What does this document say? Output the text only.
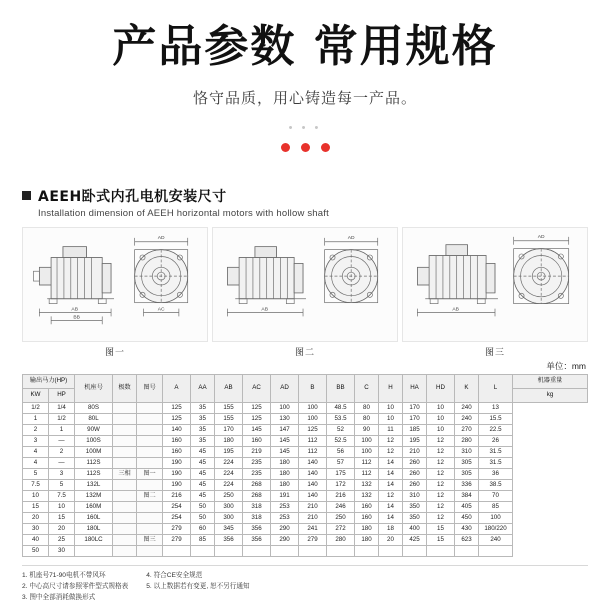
产品参数 常用规格
恪守品质，用心铸造每一产品。
• • •
AEEH卧式内孔电机安装尺寸
Installation dimension of AEEH horizontal motors with hollow shaft
AB
BB
AD
AC	AB
AD
AB
AD
图一	图二	图三
单位：mm
输出马力(HP)		机座号	极数	图号	A	AA	AB	AC	AD	B	BB	C	H	HA	HD	K	L	机器重量
KW	HP																	kg
1/2	1/4	80S			125	35	155	125	100	100	48.5	80	10	170	10	240	13	
1	1/2	80L			125	35	155	125	130	100	53.5	80	10	170	10	240	15.5	
2	1	90W			140	35	170	145	147	125	52	90	11	185	10	270	22.5	
3	—	100S			160	35	180	160	145	112	52.5	100	12	195	12	280	26	
4	2	100M			160	45	195	219	145	112	56	100	12	210	12	310	31.5	
4	—	112S			190	45	224	235	180	140	57	112	14	260	12	305	31.5	
5	3	112S	三相	图一	190	45	224	235	180	140	175	112	14	260	12	305	36	
7.5	5	132L			190	45	224	268	180	140	172	132	14	260	12	336	38.5	
10	7.5	132M		图二	216	45	250	268	191	140	216	132	12	310	12	384	70	
15	10	160M			254	50	300	318	253	210	246	160	14	350	12	405	85	
20	15	160L			254	50	300	318	253	210	250	160	14	350	12	450	100	
30	20	180L			279	60	345	356	290	241	272	180	18	400	15	430	180/220	
40	25	180LC		图三	279	85	356	356	290	279	280	180	20	425	15	623	240	
50	30																	
1. 机座号71-90电机不带风环
2. 中心高尺寸请参照零件型式规格表
3. 图中全部消耗做换形式
4. 符合CE安全规范
5. 以上数据若有变更, 恕不另行通知
